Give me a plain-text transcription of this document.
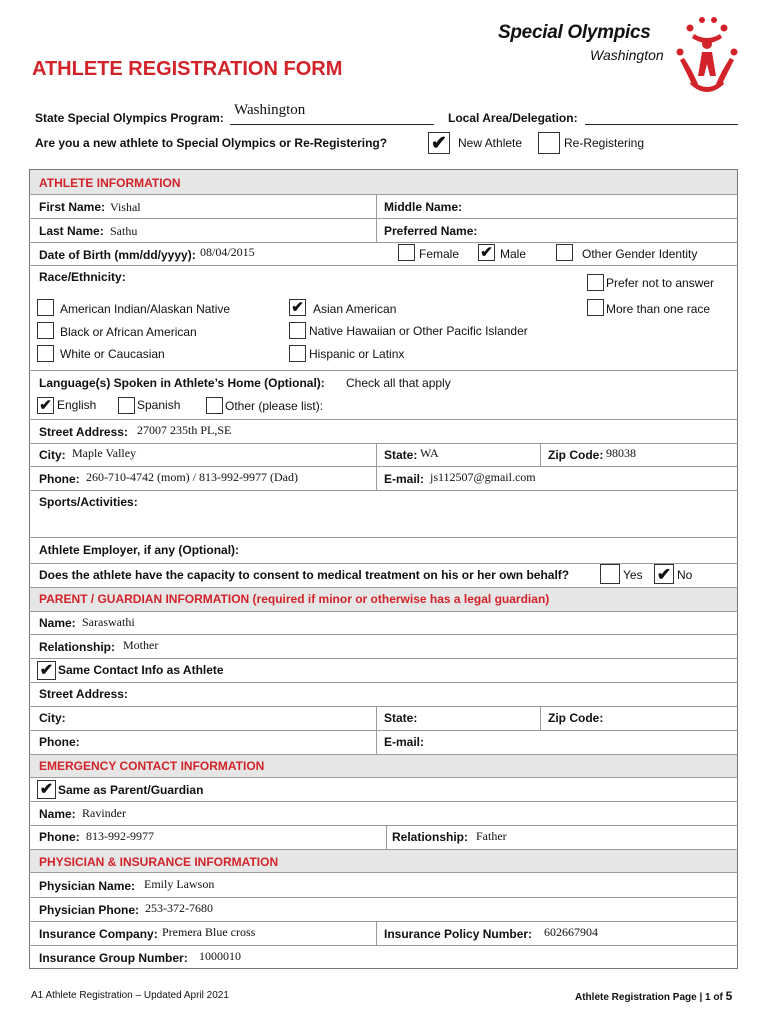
Special Olympics
Washington
ATHLETE REGISTRATION FORM
State Special Olympics Program: Washington	Local Area/Delegation:
Are you a new athlete to Special Olympics or Re-Registering? ✔ New Athlete	Re-Registering
ATHLETE INFORMATION
First Name: Vishal	Middle Name:
Last Name: Sathu	Preferred Name:
Date of Birth (mm/dd/yyyy): 08/04/2015	Female ✔ Male	Other Gender Identity
Race/Ethnicity:	Prefer not to answer
American Indian/Alaskan Native	✔ Asian American	More than one race
Black or African American	Native Hawaiian or Other Pacific Islander
White or Caucasian	Hispanic or Latinx
Language(s) Spoken in Athlete’s Home (Optional): Check all that apply
✔ English	Spanish	Other (please list):
Street Address: 27007 235th PL,SE
City: Maple Valley	State: WA	Zip Code: 98038
Phone: 260-710-4742 (mom) / 813-992-9977 (Dad)	E-mail: js112507@gmail.com
Sports/Activities:
Athlete Employer, if any (Optional):
Does the athlete have the capacity to consent to medical treatment on his or her own behalf?	Yes ✔ No
PARENT / GUARDIAN INFORMATION (required if minor or otherwise has a legal guardian)
Name: Saraswathi
Relationship: Mother
✔ Same Contact Info as Athlete
Street Address:
City:	State:	Zip Code:
Phone:	E-mail:
EMERGENCY CONTACT INFORMATION
✔ Same as Parent/Guardian
Name: Ravinder
Phone: 813-992-9977	Relationship: Father
PHYSICIAN & INSURANCE INFORMATION
Physician Name: Emily Lawson
Physician Phone: 253-372-7680
Insurance Company: Premera Blue cross	Insurance Policy Number: 602667904
Insurance Group Number: 1000010
A1 Athlete Registration – Updated April 2021	Athlete Registration Page | 1 of 5
